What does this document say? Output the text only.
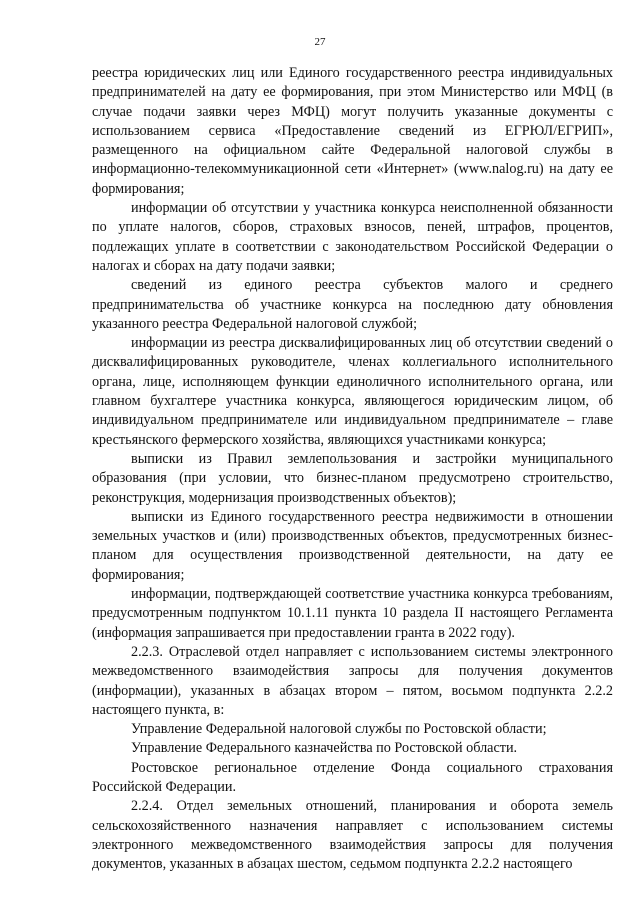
27

реестра юридических лиц или Единого государственного реестра индивидуальных предпринимателей на дату ее формирования, при этом Министерство или МФЦ (в случае подачи заявки через МФЦ) могут получить указанные документы с использованием сервиса «Предоставление сведений из ЕГРЮЛ/ЕГРИП», размещенного на официальном сайте Федеральной налоговой службы в информационно-телекоммуникационной сети «Интернет» (www.nalog.ru) на дату ее формирования;

информации об отсутствии у участника конкурса неисполненной обязанности по уплате налогов, сборов, страховых взносов, пеней, штрафов, процентов, подлежащих уплате в соответствии с законодательством Российской Федерации о налогах и сборах на дату подачи заявки;

сведений из единого реестра субъектов малого и среднего предпринимательства об участнике конкурса на последнюю дату обновления указанного реестра Федеральной налоговой службой;

информации из реестра дисквалифицированных лиц об отсутствии сведений о дисквалифицированных руководителе, членах коллегиального исполнительного органа, лице, исполняющем функции единоличного исполнительного органа, или главном бухгалтере участника конкурса, являющегося юридическим лицом, об индивидуальном предпринимателе или индивидуальном предпринимателе – главе крестьянского фермерского хозяйства, являющихся участниками конкурса;

выписки из Правил землепользования и застройки муниципального образования (при условии, что бизнес-планом предусмотрено строительство, реконструкция, модернизация производственных объектов);

выписки из Единого государственного реестра недвижимости в отношении земельных участков и (или) производственных объектов, предусмотренных бизнес-планом для осуществления производственной деятельности, на дату ее формирования;

информации, подтверждающей соответствие участника конкурса требованиям, предусмотренным подпунктом 10.1.11 пункта 10 раздела II настоящего Регламента (информация запрашивается при предоставлении гранта в 2022 году).

2.2.3. Отраслевой отдел направляет с использованием системы электронного межведомственного взаимодействия запросы для получения документов (информации), указанных в абзацах втором – пятом, восьмом подпункта 2.2.2 настоящего пункта, в:

Управление Федеральной налоговой службы по Ростовской области;

Управление Федерального казначейства по Ростовской области.

Ростовское региональное отделение Фонда социального страхования Российской Федерации.

2.2.4. Отдел земельных отношений, планирования и оборота земель сельскохозяйственного назначения направляет с использованием системы электронного межведомственного взаимодействия запросы для получения документов, указанных в абзацах шестом, седьмом подпункта 2.2.2 настоящего
